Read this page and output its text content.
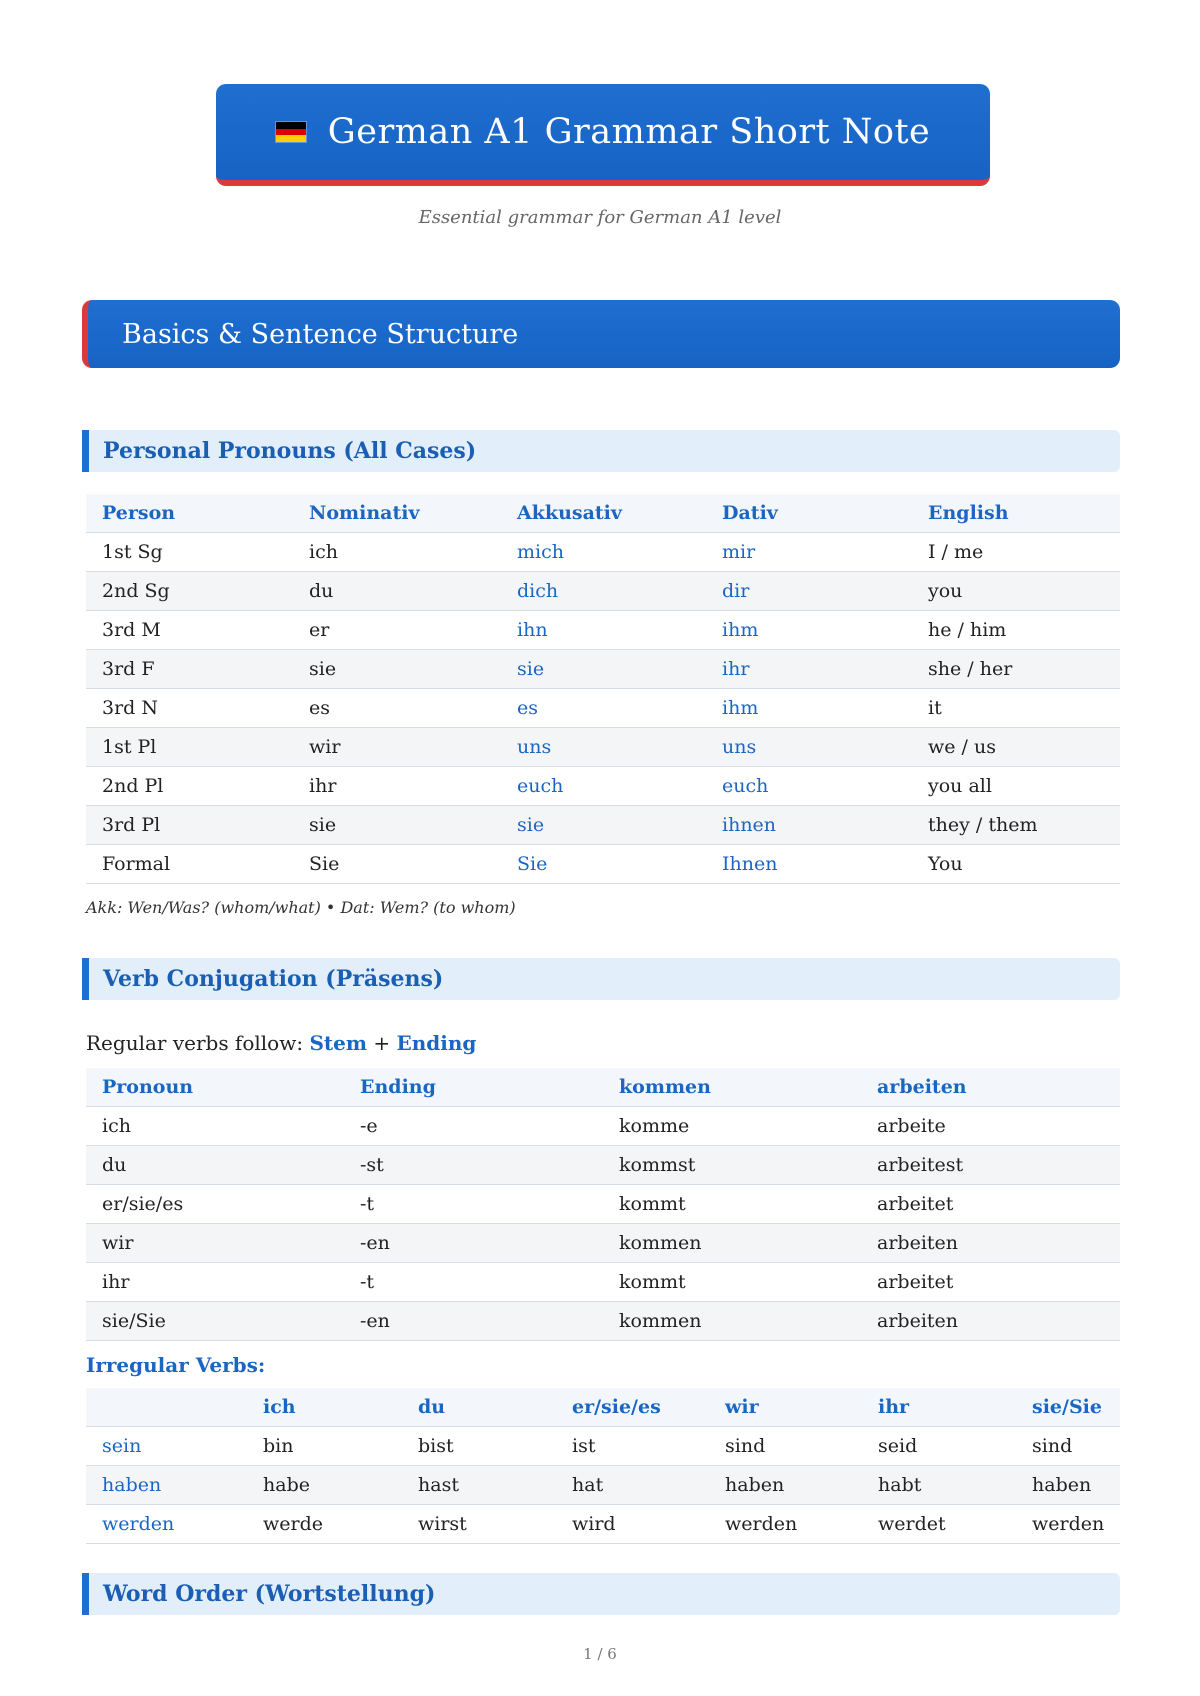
German A1 Grammar Short Note
Essential grammar for German A1 level
Basics & Sentence Structure
Personal Pronouns (All Cases)
Person	Nominativ	Akkusativ	Dativ	English
1st Sg	ich	mich	mir	I / me
2nd Sg	du	dich	dir	you
3rd M	er	ihn	ihm	he / him
3rd F	sie	sie	ihr	she / her
3rd N	es	es	ihm	it
1st Pl	wir	uns	uns	we / us
2nd Pl	ihr	euch	euch	you all
3rd Pl	sie	sie	ihnen	they / them
Formal	Sie	Sie	Ihnen	You
Akk: Wen/Was? (whom/what) • Dat: Wem? (to whom)
Verb Conjugation (Präsens)
Regular verbs follow: Stem + Ending
Pronoun	Ending	kommen	arbeiten
ich	-e	komme	arbeite
du	-st	kommst	arbeitest
er/sie/es	-t	kommt	arbeitet
wir	-en	kommen	arbeiten
ihr	-t	kommt	arbeitet
sie/Sie	-en	kommen	arbeiten
Irregular Verbs:
	ich	du	er/sie/es	wir	ihr	sie/Sie
sein	bin	bist	ist	sind	seid	sind
haben	habe	hast	hat	haben	habt	haben
werden	werde	wirst	wird	werden	werdet	werden
Word Order (Wortstellung)
1 / 6
